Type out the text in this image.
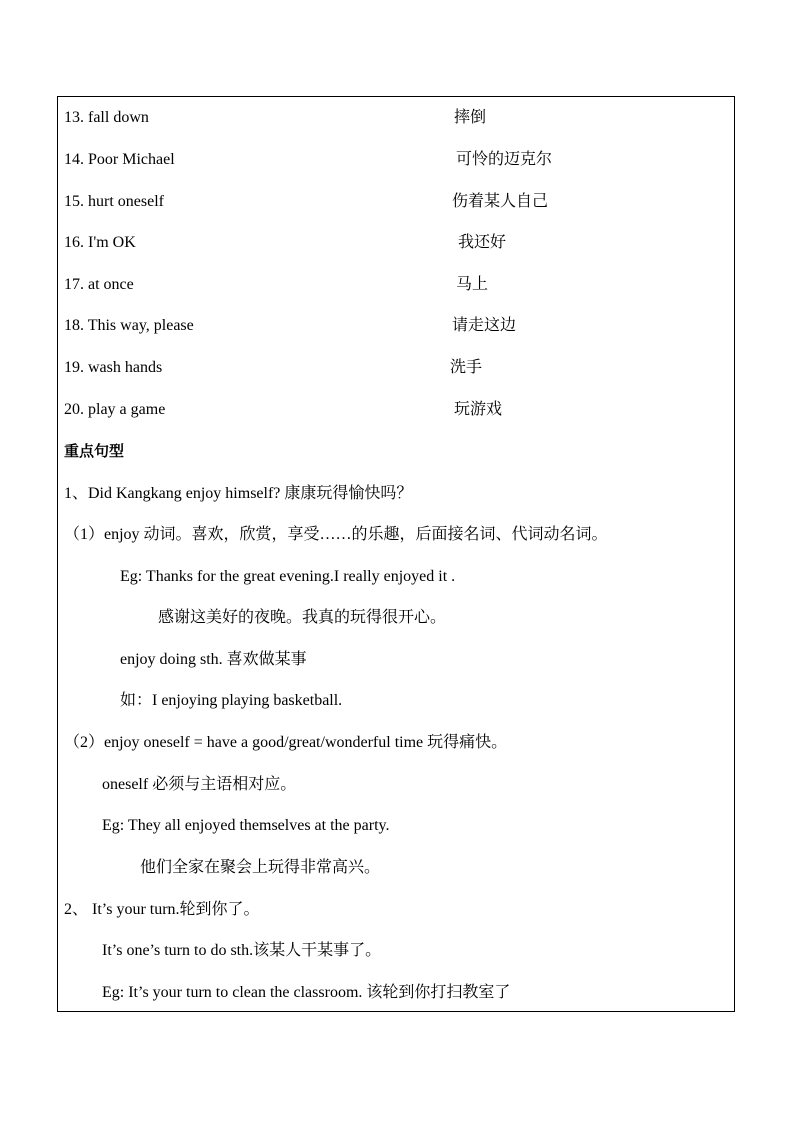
13. fall down	摔倒
14. Poor Michael	可怜的迈克尔
15. hurt oneself	伤着某人自己
16. I'm OK	我还好
17. at once	马上
18. This way, please	请走这边
19. wash hands	洗手
20. play a game	玩游戏
重点句型
1、Did Kangkang enjoy himself? 康康玩得愉快吗？
（1）enjoy 动词。喜欢，欣赏，享受……的乐趣，后面接名词、代词动名词。
Eg: Thanks for the great evening.I really enjoyed it .
感谢这美好的夜晚。我真的玩得很开心。
enjoy doing sth. 喜欢做某事
如：I enjoying playing basketball.
（2）enjoy oneself = have a good/great/wonderful time 玩得痛快。
oneself 必须与主语相对应。
Eg: They all enjoyed themselves at the party.
他们全家在聚会上玩得非常高兴。
2、 It’s your turn.轮到你了。
It’s one’s turn to do sth.该某人干某事了。
Eg: It’s your turn to clean the classroom. 该轮到你打扫教室了
